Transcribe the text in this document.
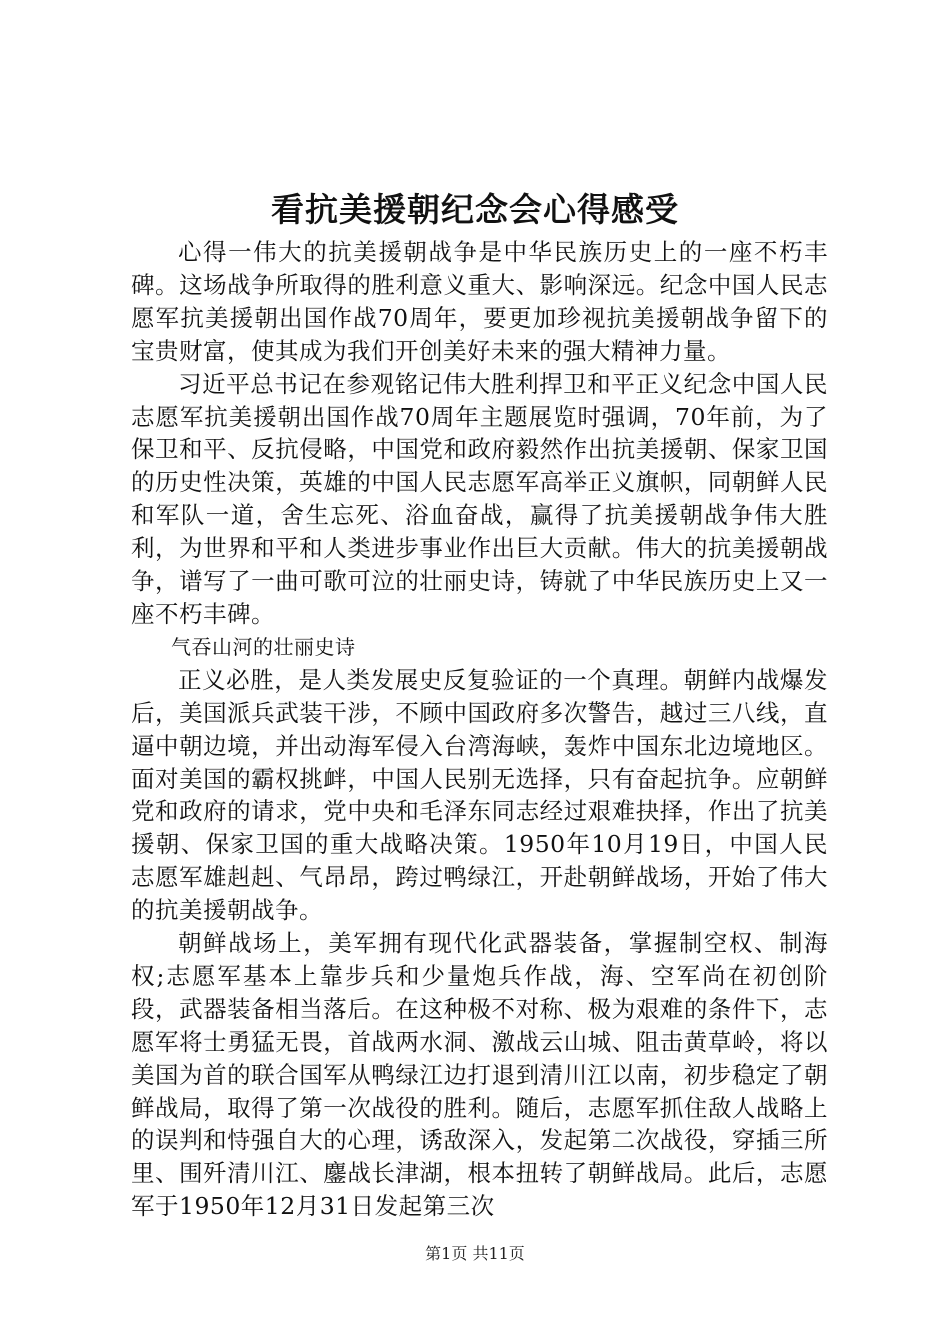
看抗美援朝纪念会心得感受

心得一伟大的抗美援朝战争是中华民族历史上的一座不朽丰碑。这场战争所取得的胜利意义重大、影响深远。纪念中国人民志愿军抗美援朝出国作战70周年，要更加珍视抗美援朝战争留下的宝贵财富，使其成为我们开创美好未来的强大精神力量。

习近平总书记在参观铭记伟大胜利捍卫和平正义纪念中国人民志愿军抗美援朝出国作战70周年主题展览时强调，70年前，为了保卫和平、反抗侵略，中国党和政府毅然作出抗美援朝、保家卫国的历史性决策，英雄的中国人民志愿军高举正义旗帜，同朝鲜人民和军队一道，舍生忘死、浴血奋战，赢得了抗美援朝战争伟大胜利，为世界和平和人类进步事业作出巨大贡献。伟大的抗美援朝战争，谱写了一曲可歌可泣的壮丽史诗，铸就了中华民族历史上又一座不朽丰碑。

气吞山河的壮丽史诗

正义必胜，是人类发展史反复验证的一个真理。朝鲜内战爆发后，美国派兵武装干涉，不顾中国政府多次警告，越过三八线，直逼中朝边境，并出动海军侵入台湾海峡，轰炸中国东北边境地区。面对美国的霸权挑衅，中国人民别无选择，只有奋起抗争。应朝鲜党和政府的请求，党中央和毛泽东同志经过艰难抉择，作出了抗美援朝、保家卫国的重大战略决策。1950年10月19日，中国人民志愿军雄赳赳、气昂昂，跨过鸭绿江，开赴朝鲜战场，开始了伟大的抗美援朝战争。

朝鲜战场上，美军拥有现代化武器装备，掌握制空权、制海权;志愿军基本上靠步兵和少量炮兵作战，海、空军尚在初创阶段，武器装备相当落后。在这种极不对称、极为艰难的条件下，志愿军将士勇猛无畏，首战两水洞、激战云山城、阻击黄草岭，将以美国为首的联合国军从鸭绿江边打退到清川江以南，初步稳定了朝鲜战局，取得了第一次战役的胜利。随后，志愿军抓住敌人战略上的误判和恃强自大的心理，诱敌深入，发起第二次战役，穿插三所里、围歼清川江、鏖战长津湖，根本扭转了朝鲜战局。此后，志愿军于1950年12月31日发起第三次

第1页 共11页
